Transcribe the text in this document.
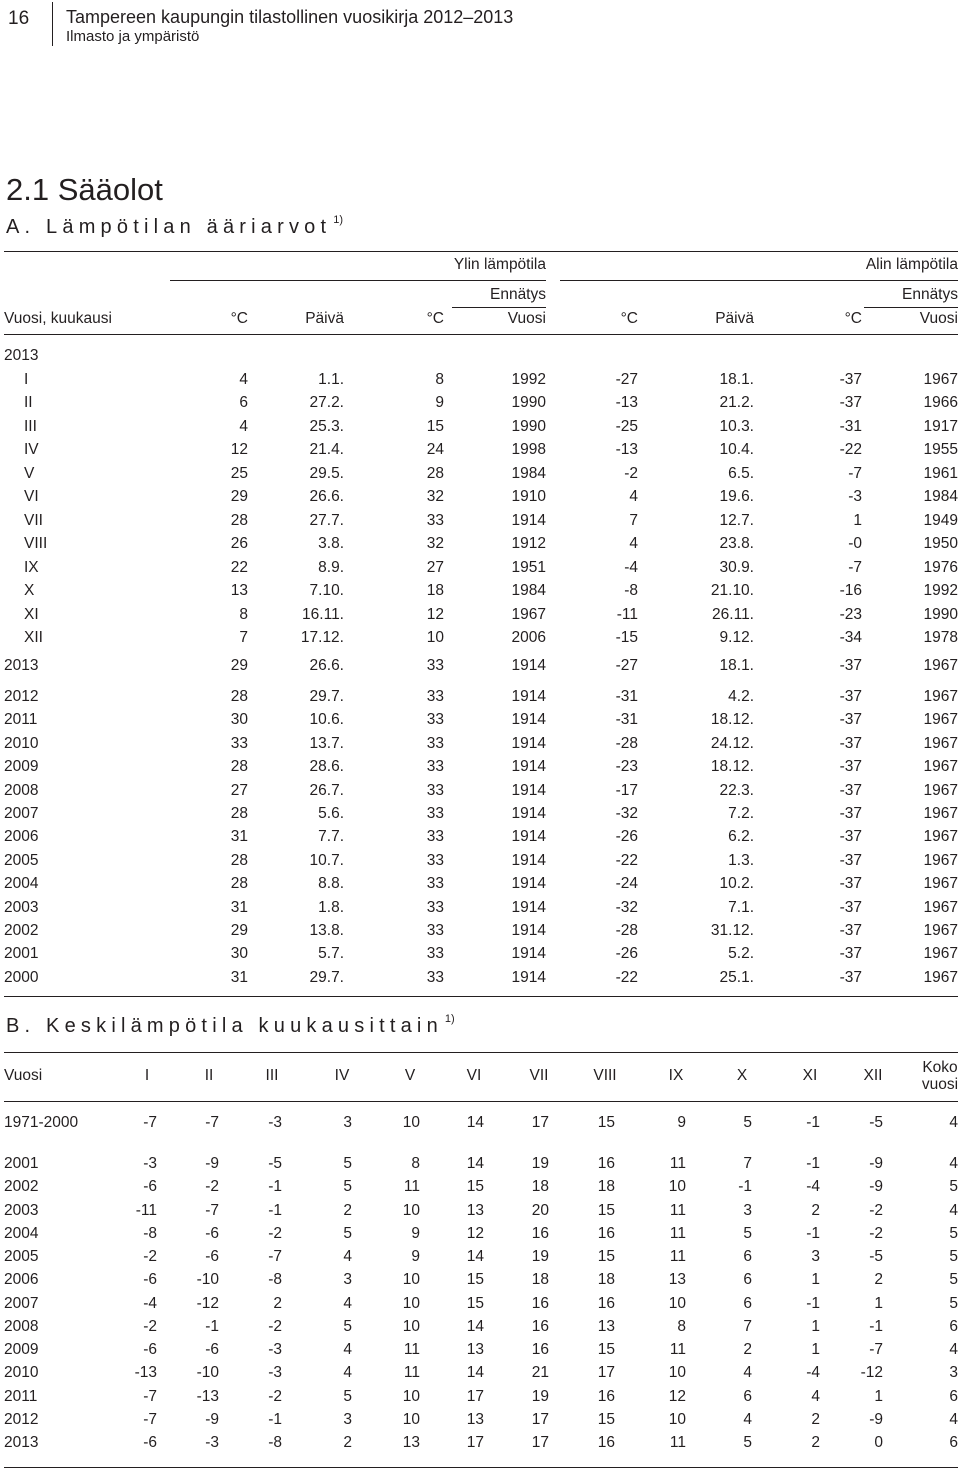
16 Tampereen kaupungin tilastollinen vuosikirja 2012–2013
Ilmasto ja ympäristö
2.1 Sääolot
A. Lämpötilan ääriarvot $^{1)}$
Ylin lämpötila	Alin lämpötila
Ennätys	Ennätys
Vuosi, kuukausi	°C	Päivä	°C	Vuosi	°C	Päivä	°C	Vuosi
2013
I	4	1.1.	8	1992	-27	18.1.	-37	1967
II	6	27.2.	9	1990	-13	21.2.	-37	1966
III	4	25.3.	15	1990	-25	10.3.	-31	1917
IV	12	21.4.	24	1998	-13	10.4.	-22	1955
V	25	29.5.	28	1984	-2	6.5.	-7	1961
VI	29	26.6.	32	1910	4	19.6.	-3	1984
VII	28	27.7.	33	1914	7	12.7.	1	1949
VIII	26	3.8.	32	1912	4	23.8.	-0	1950
IX	22	8.9.	27	1951	-4	30.9.	-7	1976
X	13	7.10.	18	1984	-8	21.10.	-16	1992
XI	8	16.11.	12	1967	-11	26.11.	-23	1990
XII	7	17.12.	10	2006	-15	9.12.	-34	1978
2013	29	26.6.	33	1914	-27	18.1.	-37	1967
2012	28	29.7.	33	1914	-31	4.2.	-37	1967
2011	30	10.6.	33	1914	-31	18.12.	-37	1967
2010	33	13.7.	33	1914	-28	24.12.	-37	1967
2009	28	28.6.	33	1914	-23	18.12.	-37	1967
2008	27	26.7.	33	1914	-17	22.3.	-37	1967
2007	28	5.6.	33	1914	-32	7.2.	-37	1967
2006	31	7.7.	33	1914	-26	6.2.	-37	1967
2005	28	10.7.	33	1914	-22	1.3.	-37	1967
2004	28	8.8.	33	1914	-24	10.2.	-37	1967
2003	31	1.8.	33	1914	-32	7.1.	-37	1967
2002	29	13.8.	33	1914	-28	31.12.	-37	1967
2001	30	5.7.	33	1914	-26	5.2.	-37	1967
2000	31	29.7.	33	1914	-22	25.1.	-37	1967
B. Keskilämpötila kuukausittain $^{1)}$
Vuosi	I	II	III	IV	V	VI	VII	VIII	IX	X	XI	XII	Koko
vuosi
1971-2000	-7	-7	-3	3	10	14	17	15	9	5	-1	-5	4
2001	-3	-9	-5	5	8	14	19	16	11	7	-1	-9	4
2002	-6	-2	-1	5	11	15	18	18	10	-1	-4	-9	5
2003	-11	-7	-1	2	10	13	20	15	11	3	2	-2	4
2004	-8	-6	-2	5	9	12	16	16	11	5	-1	-2	5
2005	-2	-6	-7	4	9	14	19	15	11	6	3	-5	5
2006	-6	-10	-8	3	10	15	18	18	13	6	1	2	5
2007	-4	-12	2	4	10	15	16	16	10	6	-1	1	5
2008	-2	-1	-2	5	10	14	16	13	8	7	1	-1	6
2009	-6	-6	-3	4	11	13	16	15	11	2	1	-7	4
2010	-13	-10	-3	4	11	14	21	17	10	4	-4	-12	3
2011	-7	-13	-2	5	10	17	19	16	12	6	4	1	6
2012	-7	-9	-1	3	10	13	17	15	10	4	2	-9	4
2013	-6	-3	-8	2	13	17	17	16	11	5	2	0	6
